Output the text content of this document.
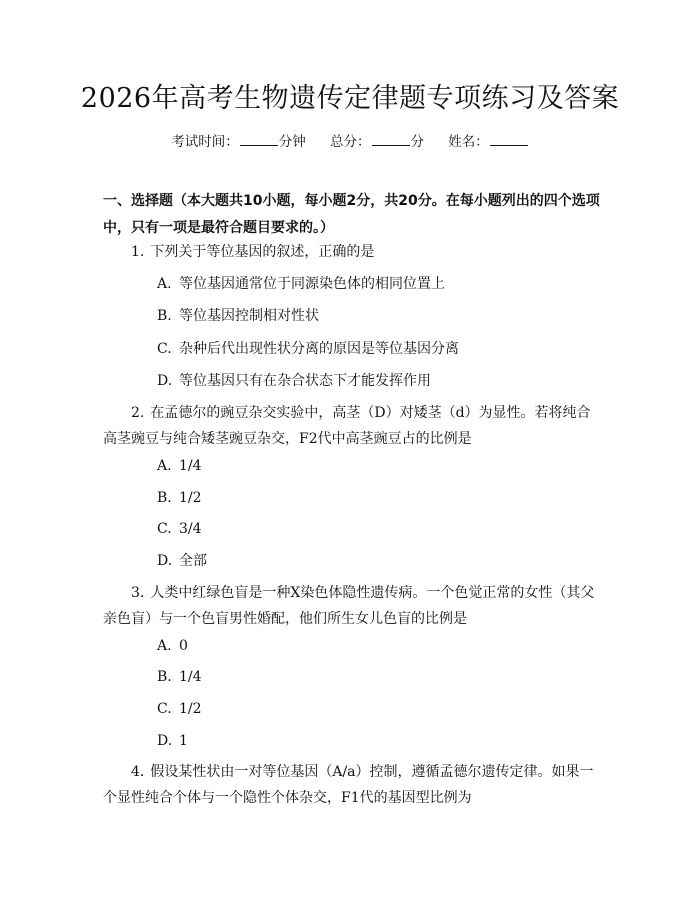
2026年高考生物遗传定律题专项练习及答案
考试时间：	分钟 总分：	分 姓名：
一、选择题（本大题共10小题，每小题2分，共20分。在每小题列出的四个选项中，只有一项是最符合题目要求的。）
1. 下列关于等位基因的叙述，正确的是
A. 等位基因通常位于同源染色体的相同位置上
B. 等位基因控制相对性状
C. 杂种后代出现性状分离的原因是等位基因分离
D. 等位基因只有在杂合状态下才能发挥作用
2. 在孟德尔的豌豆杂交实验中，高茎（D）对矮茎（d）为显性。若将纯合高茎豌豆与纯合矮茎豌豆杂交，F2代中高茎豌豆占的比例是
A. 1/4
B. 1/2
C. 3/4
D. 全部
3. 人类中红绿色盲是一种X染色体隐性遗传病。一个色觉正常的女性（其父亲色盲）与一个色盲男性婚配，他们所生女儿色盲的比例是
A. 0
B. 1/4
C. 1/2
D. 1
4. 假设某性状由一对等位基因（A/a）控制，遵循孟德尔遗传定律。如果一个显性纯合个体与一个隐性个体杂交，F1代的基因型比例为
